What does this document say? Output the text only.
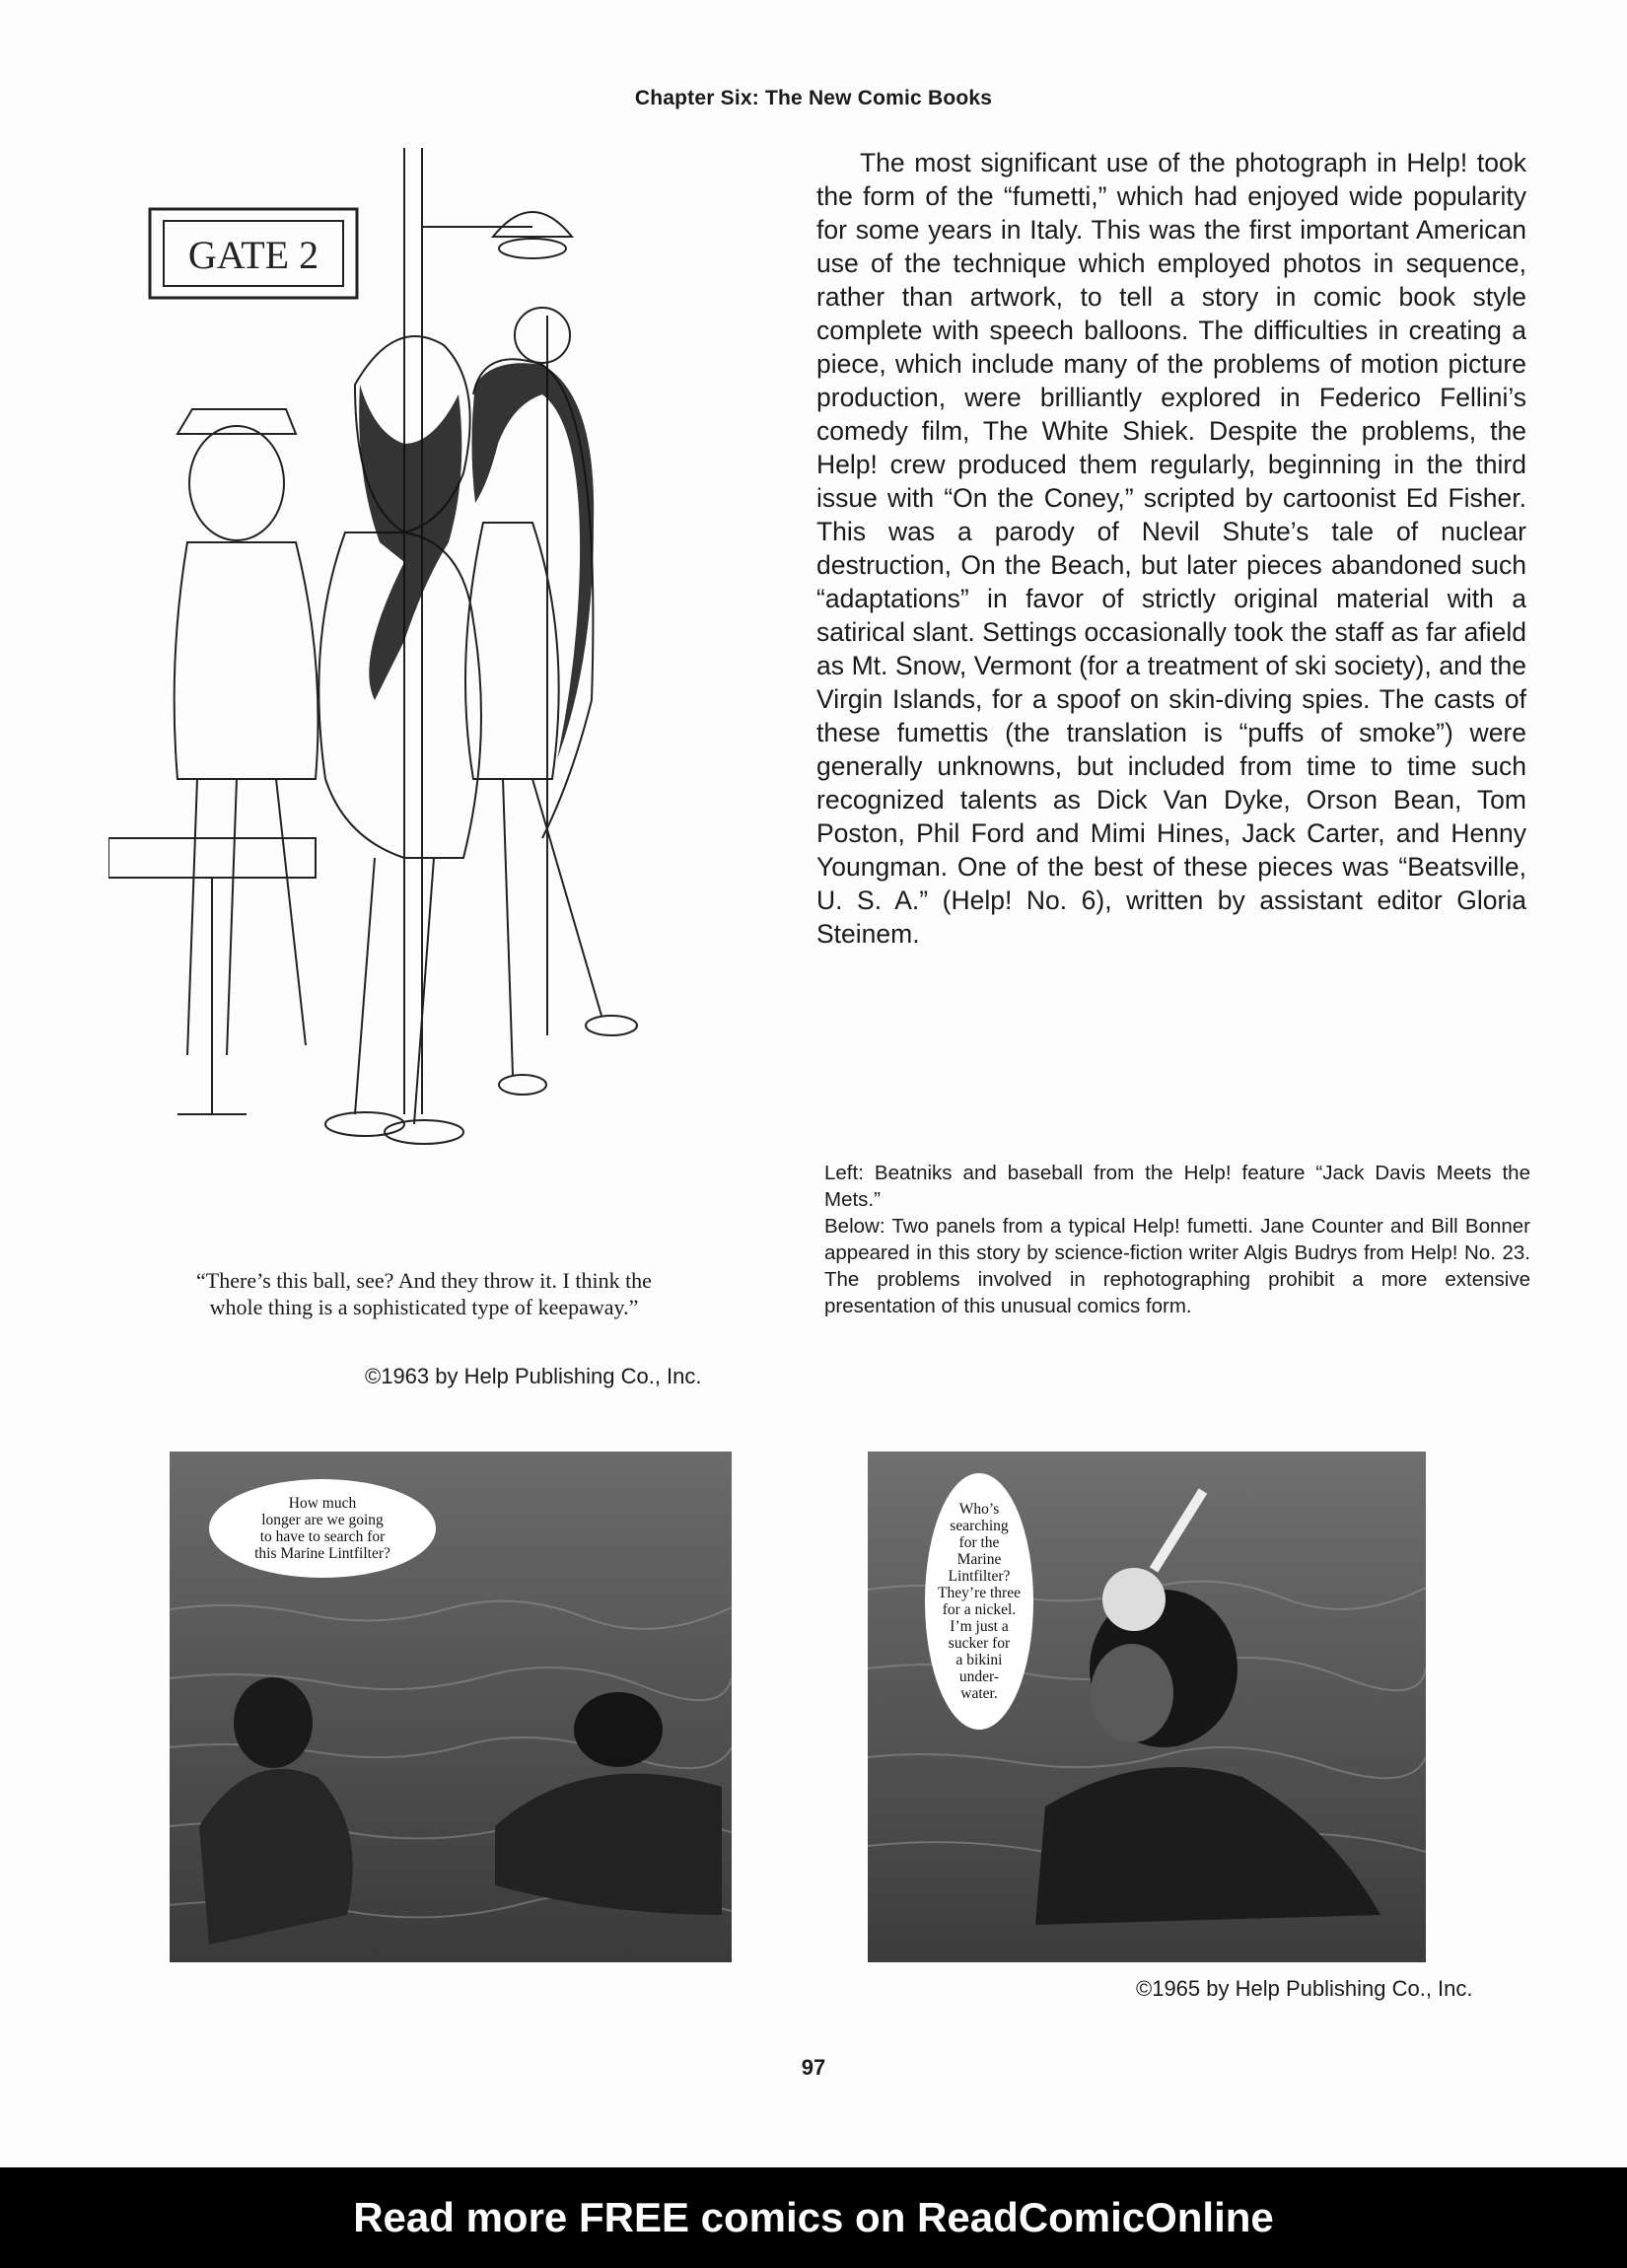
Chapter Six: The New Comic Books
GATE 2

The most significant use of the photograph in Help! took the form of the “fumetti,” which had enjoyed wide popularity for some years in Italy. This was the first important American use of the technique which employed photos in sequence, rather than artwork, to tell a story in comic book style complete with speech balloons. The difficulties in creating a piece, which include many of the problems of motion picture production, were brilliantly explored in Federico Fellini’s comedy film, The White Shiek. Despite the problems, the Help! crew produced them regularly, beginning in the third issue with “On the Coney,” scripted by cartoonist Ed Fisher. This was a parody of Nevil Shute’s tale of nuclear destruction, On the Beach, but later pieces abandoned such “adaptations” in favor of strictly original material with a satirical slant. Settings occasionally took the staff as far afield as Mt. Snow, Vermont (for a treatment of ski society), and the Virgin Islands, for a spoof on skin-diving spies. The casts of these fumettis (the translation is “puffs of smoke”) were generally unknowns, but included from time to time such recognized talents as Dick Van Dyke, Orson Bean, Tom Poston, Phil Ford and Mimi Hines, Jack Carter, and Henny Youngman. One of the best of these pieces was “Beatsville, U. S. A.” (Help! No. 6), written by assistant editor Gloria Steinem.

Left: Beatniks and baseball from the Help! feature “Jack Davis Meets the Mets.”

Below: Two panels from a typical Help! fumetti. Jane Counter and Bill Bonner appeared in this story by science-fiction writer Algis Budrys from Help! No. 23. The problems involved in rephotographing prohibit a more extensive presentation of this unusual comics form.

“There’s this ball, see? And they throw it. I think the whole thing is a sophisticated type of keepaway.”

©1963 by Help Publishing Co., Inc.
How much
longer are we going
to have to search for
this Marine Lintfilter?
Who’s
searching
for the
Marine
Lintfilter?
They’re three
for a nickel.
I’m just a
sucker for
a bikini
under-
water.
©1965 by Help Publishing Co., Inc.
97
Read more FREE comics on ReadComicOnline
